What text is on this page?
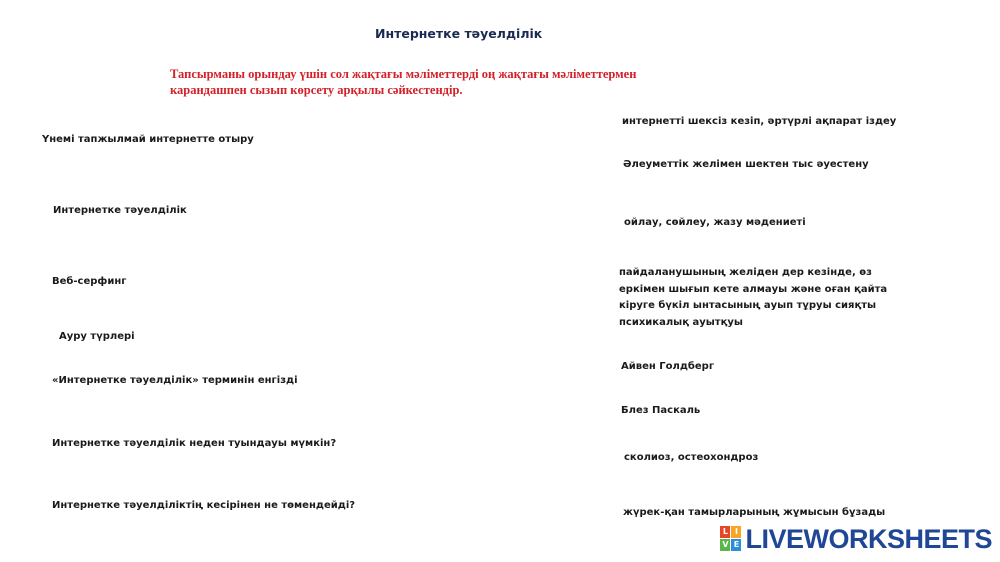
Интернетке тәуелділік
Тапсырманы орындау үшін сол жақтағы мәліметтерді оң жақтағы мәліметтермен карандашпен сызып көрсету арқылы сәйкестендір.
Үнемі тапжылмай интернетте отыру
Интернетке тәуелділік
Веб-серфинг
Ауру түрлері
«Интернетке тәуелділік» терминін енгізді
Интернетке тәуелділік неден туындауы мүмкін?
Интернетке тәуелділіктің кесірінен не төмендейді?
интернетті шексіз кезіп, әртүрлі ақпарат іздеу
Әлеуметтік желімен шектен тыс әуестену
ойлау, сөйлеу, жазу мәдениеті
пайдаланушының желіден дер кезінде, өз еркімен шығып кете алмауы және оған қайта кіруге бүкіл ынтасының ауып тұруы сияқты психикалық ауытқуы
Айвен Голдберг
Блез Паскаль
сколиоз, остеохондроз
жүрек-қан тамырларының жұмысын бұзады
L I
V E LIVEWORKSHEETS
